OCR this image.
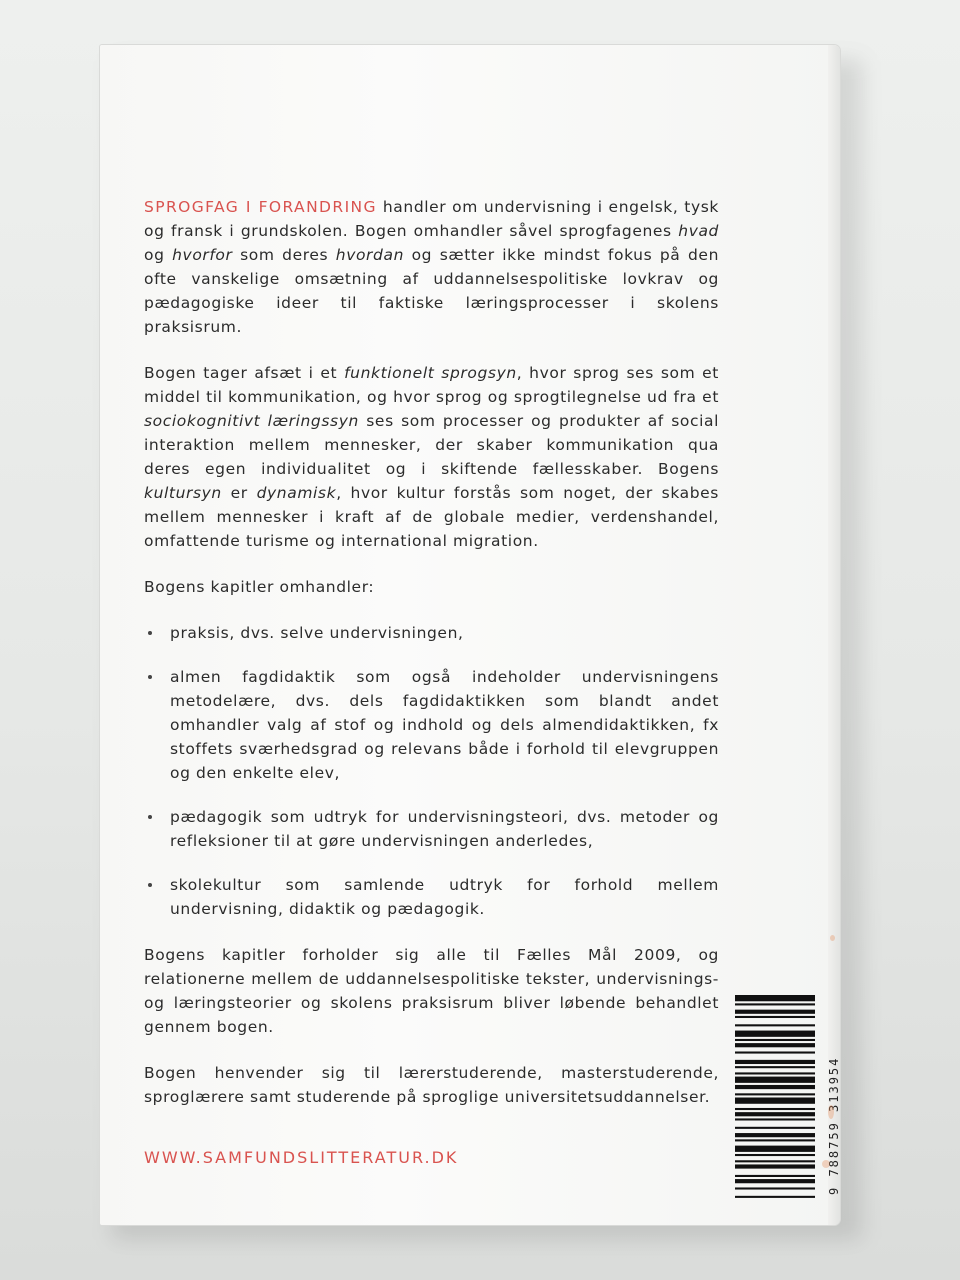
SPROGFAG I FORANDRING handler om undervisning i engelsk, tysk og fransk i grundskolen. Bogen omhandler såvel sprogfagenes hvad og hvorfor som deres hvordan og sætter ikke mindst fokus på den ofte vanskelige omsætning af uddannelsespolitiske lovkrav og pædagogiske ideer til faktiske læringsprocesser i skolens praksisrum.

Bogen tager afsæt i et funktionelt sprogsyn, hvor sprog ses som et middel til kommunikation, og hvor sprog og sprogtilegnelse ud fra et sociokognitivt læringssyn ses som processer og produkter af social interaktion mellem mennesker, der skaber kommunikation qua deres egen individualitet og i skiftende fællesskaber. Bogens kultursyn er dynamisk, hvor kultur forstås som noget, der skabes mellem mennesker i kraft af de globale medier, verdenshandel, omfattende turisme og international migration.

Bogens kapitler omhandler:

praksis, dvs. selve undervisningen,
almen fagdidaktik som også indeholder undervisningens metodelære, dvs. dels fagdidaktikken som blandt andet omhandler valg af stof og indhold og dels almendidaktikken, fx stoffets sværhedsgrad og relevans både i forhold til elevgruppen og den enkelte elev,
pædagogik som udtryk for undervisningsteori, dvs. metoder og refleksioner til at gøre undervisningen anderledes,
skolekultur som samlende udtryk for forhold mellem undervisning, didaktik og pædagogik.

Bogens kapitler forholder sig alle til Fælles Mål 2009, og relationerne mellem de uddannelsespolitiske tekster, undervisnings- og læringsteorier og skolens praksisrum bliver løbende behandlet gennem bogen.

Bogen henvender sig til lærerstuderende, masterstuderende, sproglærere samt studerende på sproglige universitetsuddannelser.

WWW.SAMFUNDSLITTERATUR.DK	9 788759 313954
